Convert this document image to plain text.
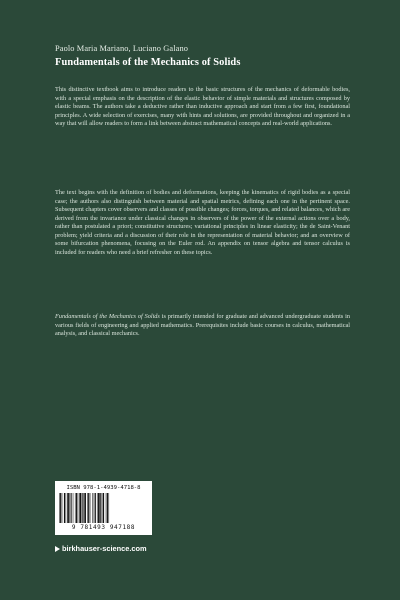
Paolo Maria Mariano, Luciano Galano
Fundamentals of the Mechanics of Solids

This distinctive textbook aims to introduce readers to the basic structures of the mechanics of deformable bodies, with a special emphasis on the description of the elastic behavior of simple materials and structures composed by elastic beams. The authors take a deductive rather than inductive approach and start from a few first, foundational principles. A wide selection of exercises, many with hints and solutions, are provided throughout and organized in a way that will allow readers to form a link between abstract mathematical concepts and real-world applications.

The text begins with the definition of bodies and deformations, keeping the kinematics of rigid bodies as a special case; the authors also distinguish between material and spatial metrics, defining each one in the pertinent space. Subsequent chapters cover observers and classes of possible changes; forces, torques, and related balances, which are derived from the invariance under classical changes in observers of the power of the external actions over a body, rather than postulated a priori; constitutive structures; variational principles in linear elasticity; the de Saint-Venant problem; yield criteria and a discussion of their role in the representation of material behavior; and an overview of some bifurcation phenomena, focusing on the Euler rod. An appendix on tensor algebra and tensor calculus is included for readers who need a brief refresher on these topics.

Fundamentals of the Mechanics of Solids is primarily intended for graduate and advanced undergraduate students in various fields of engineering and applied mathematics. Prerequisites include basic courses in calculus, mathematical analysis, and classical mechanics.

ISBN 978-1-4939-4718-8
9 781493 947188
birkhauser-science.com
